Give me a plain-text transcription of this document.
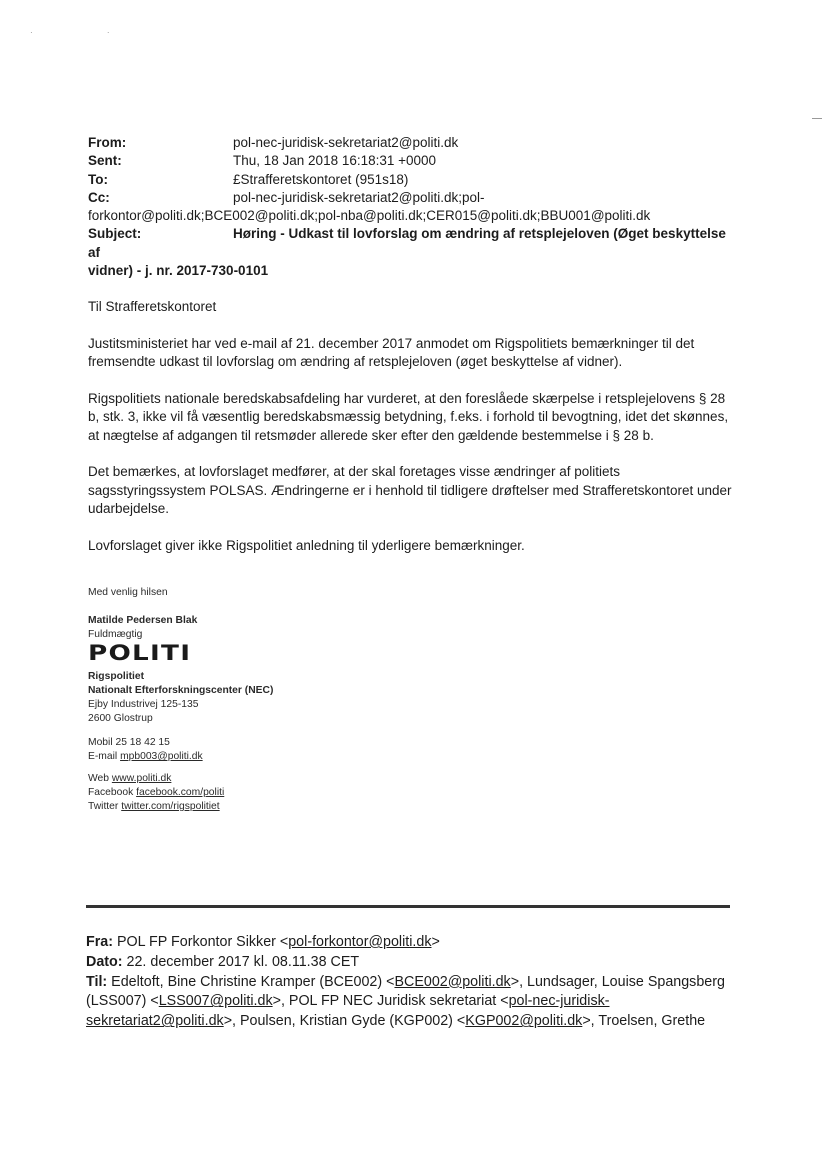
· ·
From:	pol-nec-juridisk-sekretariat2@politi.dk
Sent:	Thu, 18 Jan 2018 16:18:31 +0000
To:	£Strafferetskontoret (951s18)
Cc:	pol-nec-juridisk-sekretariat2@politi.dk;pol-
forkontor@politi.dk;BCE002@politi.dk;pol-nba@politi.dk;CER015@politi.dk;BBU001@politi.dk
Subject:	Høring - Udkast til lovforslag om ændring af retsplejeloven (Øget beskyttelse af
vidner) - j. nr. 2017-730-0101

Til Strafferetskontoret

Justitsministeriet har ved e-mail af 21. december 2017 anmodet om Rigspolitiets bemærkninger til det fremsendte udkast til lovforslag om ændring af retsplejeloven (øget beskyttelse af vidner).

Rigspolitiets nationale beredskabsafdeling har vurderet, at den foreslåede skærpelse i retsplejelovens § 28 b, stk. 3, ikke vil få væsentlig beredskabsmæssig betydning, f.eks. i forhold til bevogtning, idet det skønnes, at nægtelse af adgangen til retsmøder allerede sker efter den gældende bestemmelse i § 28 b.

Det bemærkes, at lovforslaget medfører, at der skal foretages visse ændringer af politiets sagsstyringssystem POLSAS. Ændringerne er i henhold til tidligere drøftelser med Strafferetskontoret under udarbejdelse.

Lovforslaget giver ikke Rigspolitiet anledning til yderligere bemærkninger.

Med venlig hilsen
Matilde Pedersen Blak
Fuldmægtig
POLITI
Rigspolitiet
Nationalt Efterforskningscenter (NEC)
Ejby Industrivej 125-135
2600 Glostrup
Mobil 25 18 42 15
E-mail mpb003@politi.dk
Web www.politi.dk
Facebook facebook.com/politi
Twitter twitter.com/rigspolitiet
Fra: POL FP Forkontor Sikker <pol-forkontor@politi.dk>
Dato: 22. december 2017 kl. 08.11.38 CET
Til: Edeltoft, Bine Christine Kramper (BCE002) <BCE002@politi.dk>, Lundsager, Louise Spangsberg (LSS007) <LSS007@politi.dk>, POL FP NEC Juridisk sekretariat <pol-nec-juridisk-sekretariat2@politi.dk>, Poulsen, Kristian Gyde (KGP002) <KGP002@politi.dk>, Troelsen, Grethe
